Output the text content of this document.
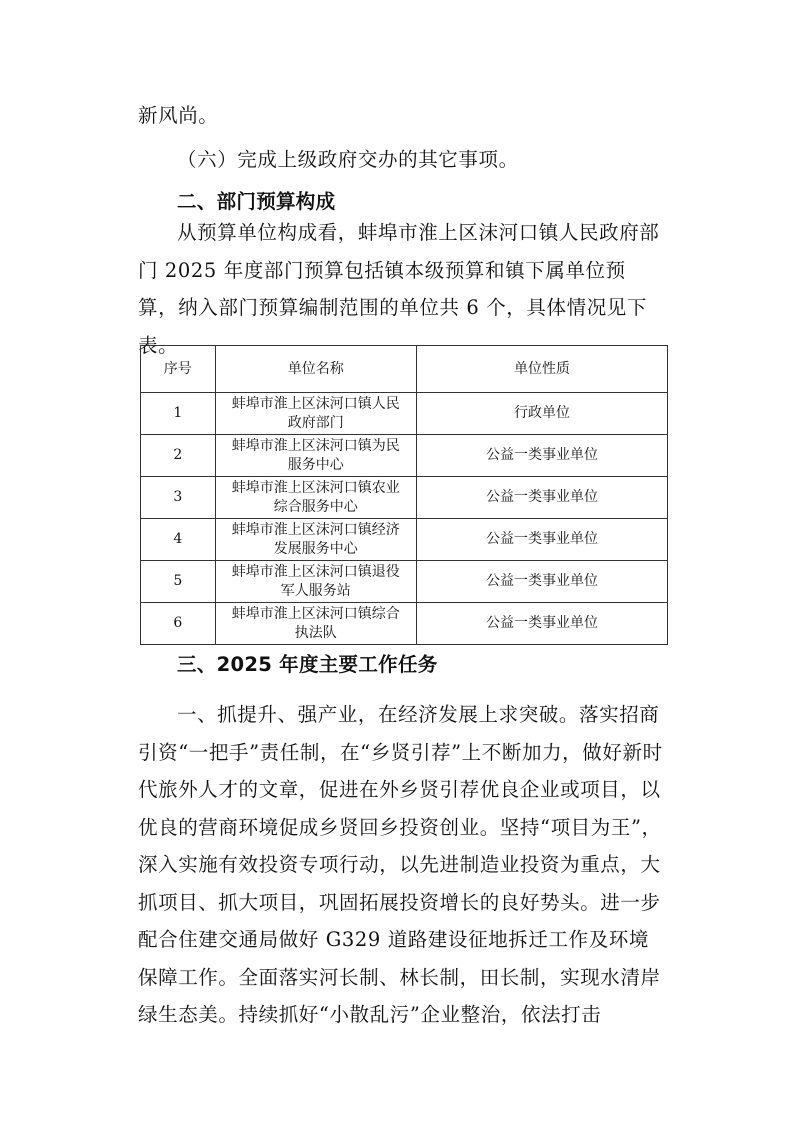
新风尚。

（六）完成上级政府交办的其它事项。

二、部门预算构成

从预算单位构成看，蚌埠市淮上区沫河口镇人民政府部门 2025 年度部门预算包括镇本级预算和镇下属单位预算，纳入部门预算编制范围的单位共 6 个，具体情况见下表。

序号	单位名称	单位性质
1	蚌埠市淮上区沫河口镇人民政府部门	行政单位
2	蚌埠市淮上区沫河口镇为民服务中心	公益一类事业单位
3	蚌埠市淮上区沫河口镇农业综合服务中心	公益一类事业单位
4	蚌埠市淮上区沫河口镇经济发展服务中心	公益一类事业单位
5	蚌埠市淮上区沫河口镇退役军人服务站	公益一类事业单位
6	蚌埠市淮上区沫河口镇综合执法队	公益一类事业单位
三、2025 年度主要工作任务

一、抓提升、强产业，在经济发展上求突破。落实招商引资“一把手”责任制，在“乡贤引荐”上不断加力，做好新时代旅外人才的文章，促进在外乡贤引荐优良企业或项目，以优良的营商环境促成乡贤回乡投资创业。坚持“项目为王”，深入实施有效投资专项行动，以先进制造业投资为重点，大抓项目、抓大项目，巩固拓展投资增长的良好势头。进一步配合住建交通局做好 G329 道路建设征地拆迁工作及环境保障工作。全面落实河长制、林长制，田长制，实现水清岸绿生态美。持续抓好“小散乱污”企业整治，依法打击
